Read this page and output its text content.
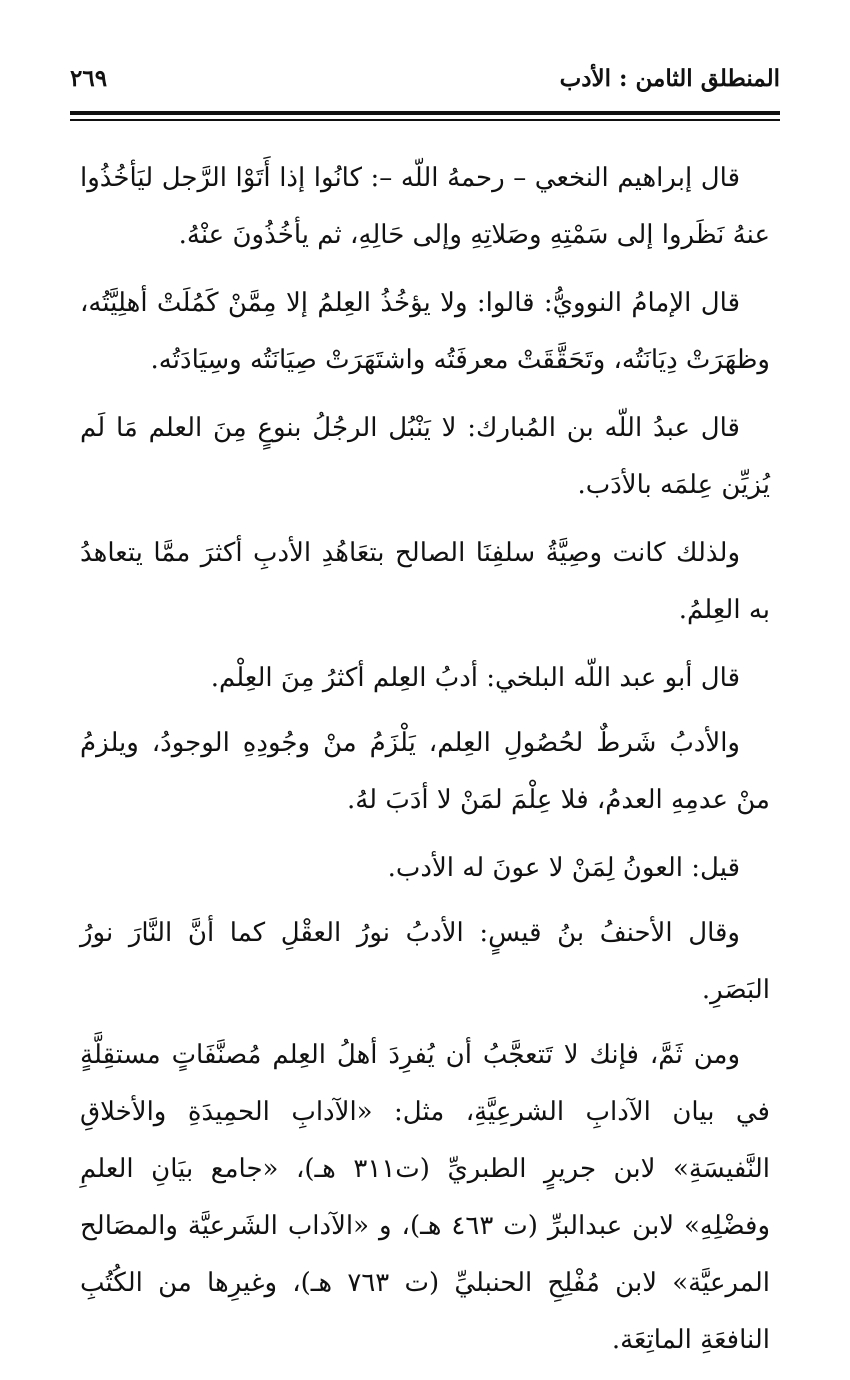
المنطلق الثامن : الأدب
٢٦٩

قال إبراهيم النخعي – رحمهُ اللّه –: كانُوا إذا أَتَوْا الرَّجل ليَأخُذُوا عنهُ نَظَروا إلى سَمْتِهِ وصَلاتِهِ وإلى حَالِهِ، ثم يأخُذُونَ عنْهُ.

قال الإمامُ النوويُّ: قالوا: ولا يؤخُذُ العِلمُ إلا مِمَّنْ كَمُلَتْ أهلِيَّتُه، وظهَرَتْ دِيَانَتُه، وتَحَقَّقَتْ معرفَتُه واشتَهَرَتْ صِيَانَتُه وسِيَادَتُه.

قال عبدُ اللّه بن المُبارك: لا يَنْبُل الرجُلُ بنوعٍ مِنَ العلم مَا لَم يُزيِّن عِلمَه بالأدَب.

ولذلك كانت وصِيَّةُ سلفِنَا الصالح بتعَاهُدِ الأدبِ أكثرَ ممَّا يتعاهدُ به العِلمُ.

قال أبو عبد اللّه البلخي: أدبُ العِلم أكثرُ مِنَ العِلْم.

والأدبُ شَرطٌ لحُصُولِ العِلم، يَلْزَمُ منْ وجُودِهِ الوجودُ، ويلزمُ منْ عدمِهِ العدمُ، فلا عِلْمَ لمَنْ لا أدَبَ لهُ.

قيل: العونُ لِمَنْ لا عونَ له الأدب.

وقال الأحنفُ بنُ قيسٍ: الأدبُ نورُ العقْلِ كما أنَّ النَّارَ نورُ البَصَرِ.

ومن ثَمَّ، فإنك لا تَتعجَّبُ أن يُفرِدَ أهلُ العِلم مُصنَّفَاتٍ مستقِلَّةٍ في بيان الآدابِ الشرعِيَّةِ، مثل: «الآدابِ الحمِيدَةِ والأخلاقِ النَّفيسَةِ» لابن جريرٍ الطبريِّ (ت٣١١ هـ)، «جامع بيَانِ العلمِ وفضْلِهِ» لابن عبدالبرِّ (ت ٤٦٣ هـ)، و «الآداب الشَرعيَّة والمصَالح المرعيَّة» لابن مُفْلِحِ الحنبليِّ (ت ٧٦٣ هـ)، وغيرِها من الكُتُبِ النافعَةِ الماتِعَة.
